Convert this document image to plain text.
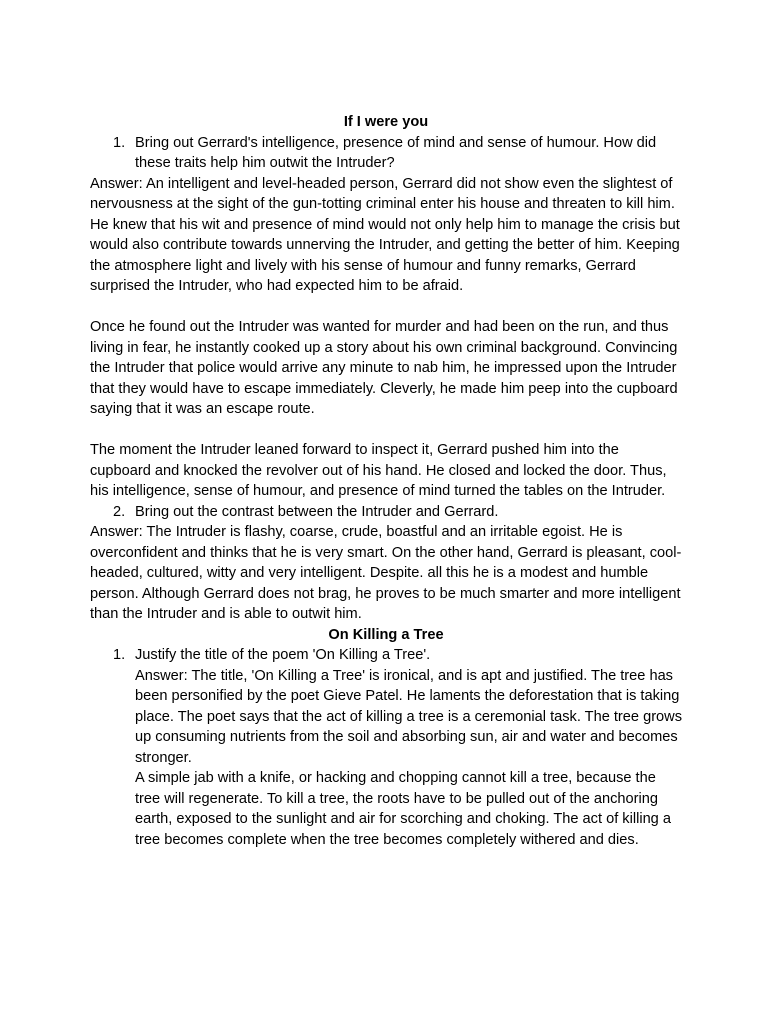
If I were you
1. Bring out Gerrard's intelligence, presence of mind and sense of humour. How did these traits help him outwit the Intruder?

Answer: An intelligent and level-headed person, Gerrard did not show even the slightest of nervousness at the sight of the gun-totting criminal enter his house and threaten to kill him. He knew that his wit and presence of mind would not only help him to manage the crisis but would also contribute towards unnerving the Intruder, and getting the better of him. Keeping the atmosphere light and lively with his sense of humour and funny remarks, Gerrard surprised the Intruder, who had expected him to be afraid.

Once he found out the Intruder was wanted for murder and had been on the run, and thus living in fear, he instantly cooked up a story about his own criminal background. Convincing the Intruder that police would arrive any minute to nab him, he impressed upon the Intruder that they would have to escape immediately. Cleverly, he made him peep into the cupboard saying that it was an escape route.

The moment the Intruder leaned forward to inspect it, Gerrard pushed him into the cupboard and knocked the revolver out of his hand. He closed and locked the door. Thus, his intelligence, sense of humour, and presence of mind turned the tables on the Intruder.

2. Bring out the contrast between the Intruder and Gerrard.

Answer: The Intruder is flashy, coarse, crude, boastful and an irritable egoist. He is overconfident and thinks that he is very smart. On the other hand, Gerrard is pleasant, cool-headed, cultured, witty and very intelligent. Despite. all this he is a modest and humble person. Although Gerrard does not brag, he proves to be much smarter and more intelligent than the Intruder and is able to outwit him.

On Killing a Tree
1. Justify the title of the poem 'On Killing a Tree'.
Answer: The title, 'On Killing a Tree' is ironical, and is apt and justified. The tree has been personified by the poet Gieve Patel. He laments the deforestation that is taking place. The poet says that the act of killing a tree is a ceremonial task. The tree grows up consuming nutrients from the soil and absorbing sun, air and water and becomes stronger.
A simple jab with a knife, or hacking and chopping cannot kill a tree, because the tree will regenerate. To kill a tree, the roots have to be pulled out of the anchoring earth, exposed to the sunlight and air for scorching and choking. The act of killing a tree becomes complete when the tree becomes completely withered and dies.
